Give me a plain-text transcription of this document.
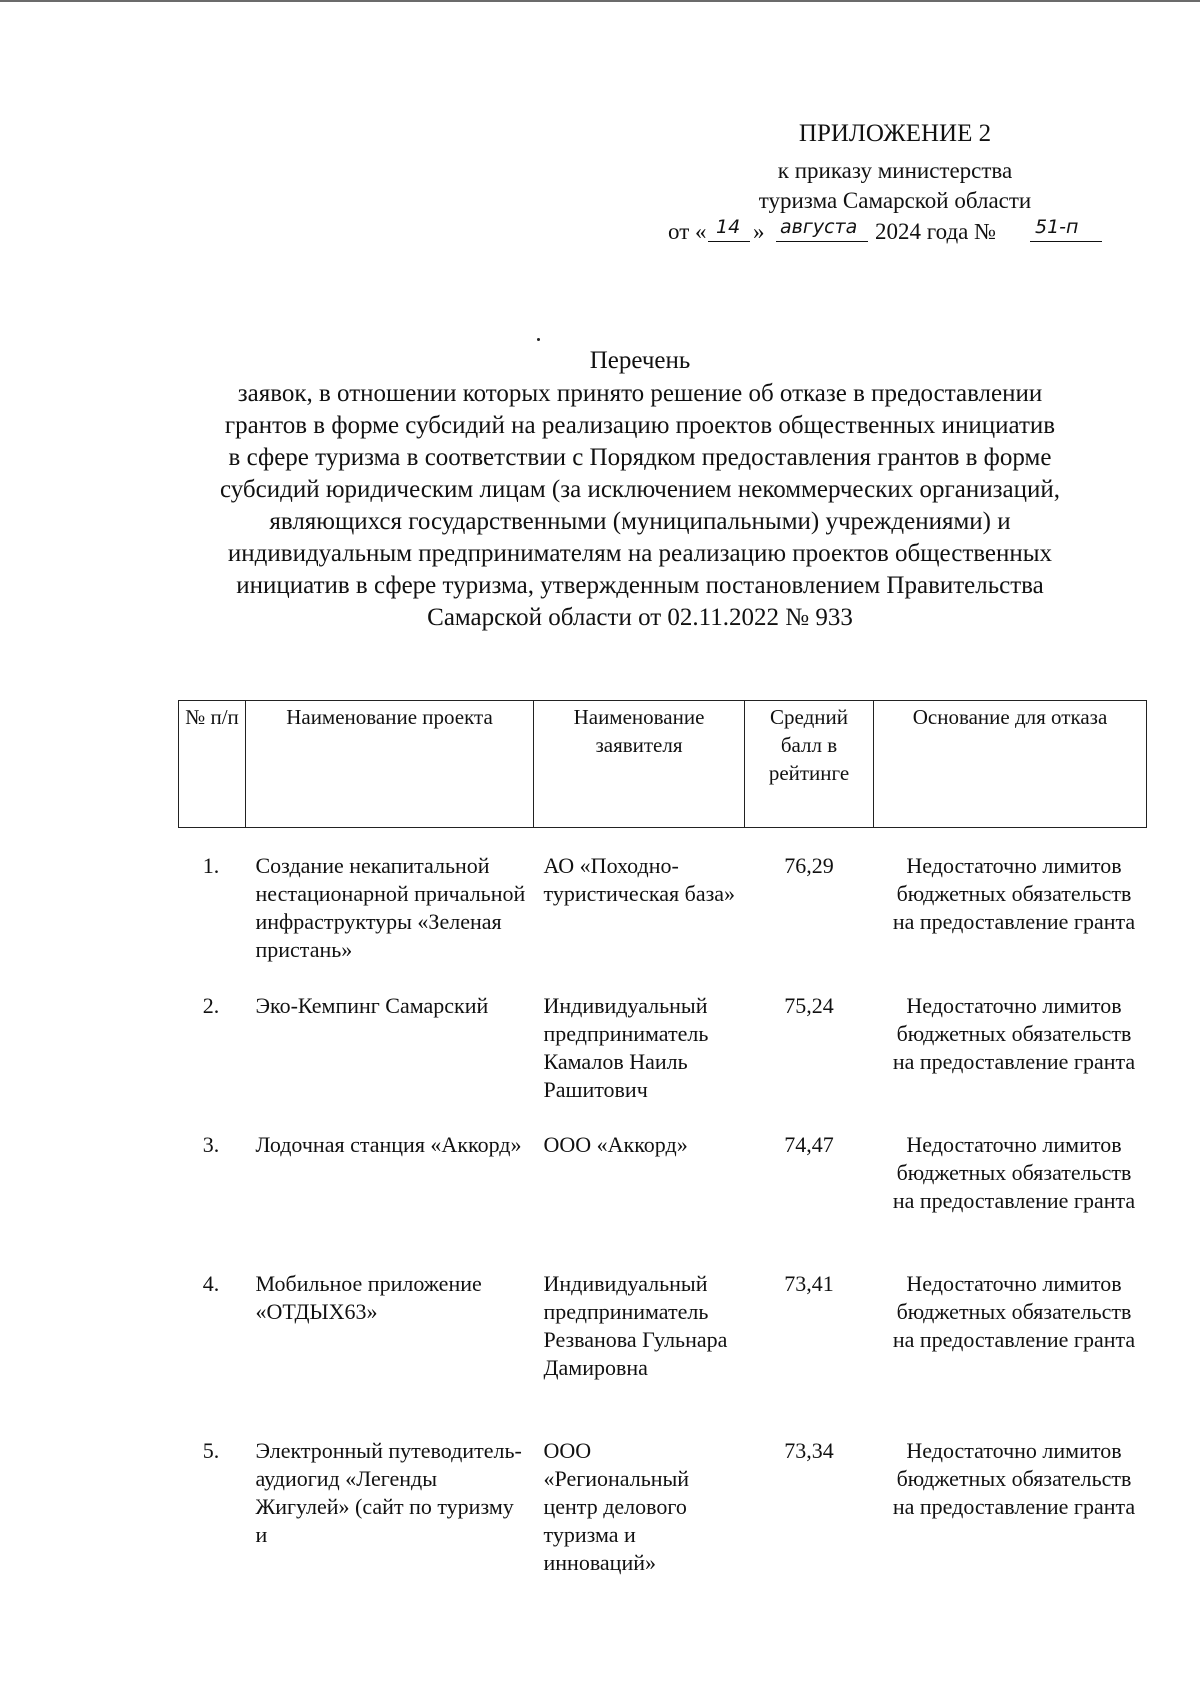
ПРИЛОЖЕНИЕ 2
к приказу министерства
туризма Самарской области
от « 14 » августа 2024 года № 51-п
Перечень
заявок, в отношении которых принято решение об отказе в предоставлении
грантов в форме субсидий на реализацию проектов общественных инициатив
в сфере туризма в соответствии с Порядком предоставления грантов в форме
субсидий юридическим лицам (за исключением некоммерческих организаций,
являющихся государственными (муниципальными) учреждениями) и
индивидуальным предпринимателям на реализацию проектов общественных
инициатив в сфере туризма, утвержденным постановлением Правительства
Самарской области от 02.11.2022 № 933
№ п/п	Наименование проекта	Наименование заявителя	Средний балл в рейтинге	Основание для отказа
1.	Создание некапитальной нестационарной причальной инфраструктуры «Зеленая пристань»	АО «Походно-туристическая база»	76,29	Недостаточно лимитов бюджетных обязательств на предоставление гранта
2.	Эко-Кемпинг Самарский	Индивидуальный предприниматель Камалов Наиль Рашитович	75,24	Недостаточно лимитов бюджетных обязательств на предоставление гранта
3.	Лодочная станция «Аккорд»	ООО «Аккорд»	74,47	Недостаточно лимитов бюджетных обязательств на предоставление гранта
4.	Мобильное приложение «ОТДЫХ63»	Индивидуальный предприниматель Резванова Гульнара Дамировна	73,41	Недостаточно лимитов бюджетных обязательств на предоставление гранта
5.	Электронный путеводитель-аудиогид «Легенды Жигулей» (сайт по туризму и	ООО «Региональный центр делового туризма и инноваций»	73,34	Недостаточно лимитов бюджетных обязательств на предоставление гранта
